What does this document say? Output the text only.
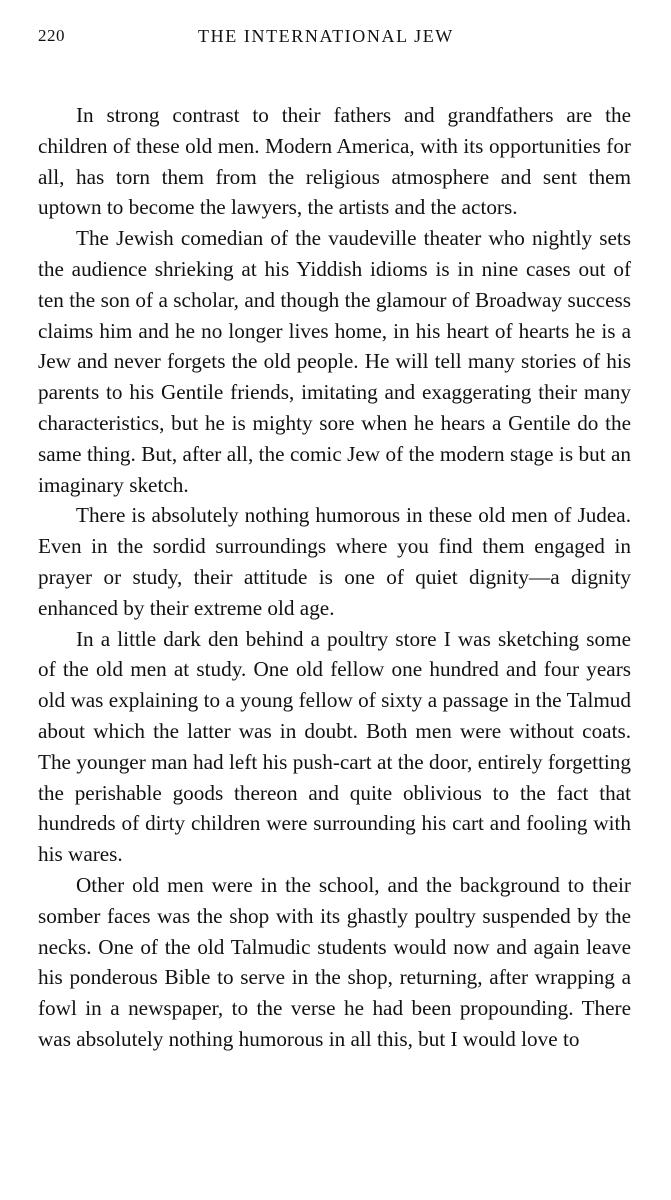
220	THE INTERNATIONAL JEW

In strong contrast to their fathers and grandfathers are the children of these old men. Modern America, with its opportunities for all, has torn them from the religious atmosphere and sent them uptown to become the lawyers, the artists and the actors.

The Jewish comedian of the vaudeville theater who nightly sets the audience shrieking at his Yiddish idioms is in nine cases out of ten the son of a scholar, and though the glamour of Broadway success claims him and he no longer lives home, in his heart of hearts he is a Jew and never forgets the old people. He will tell many stories of his parents to his Gentile friends, imitating and exaggerating their many characteristics, but he is mighty sore when he hears a Gentile do the same thing. But, after all, the comic Jew of the modern stage is but an imaginary sketch.

There is absolutely nothing humorous in these old men of Judea. Even in the sordid surroundings where you find them engaged in prayer or study, their attitude is one of quiet dignity—a dignity enhanced by their extreme old age.

In a little dark den behind a poultry store I was sketching some of the old men at study. One old fellow one hundred and four years old was explaining to a young fellow of sixty a passage in the Talmud about which the latter was in doubt. Both men were without coats. The younger man had left his push-cart at the door, entirely forgetting the perishable goods thereon and quite oblivious to the fact that hundreds of dirty children were surrounding his cart and fooling with his wares.

Other old men were in the school, and the background to their somber faces was the shop with its ghastly poultry suspended by the necks. One of the old Talmudic students would now and again leave his ponderous Bible to serve in the shop, returning, after wrapping a fowl in a newspaper, to the verse he had been propounding. There was absolutely nothing humorous in all this, but I would love to
